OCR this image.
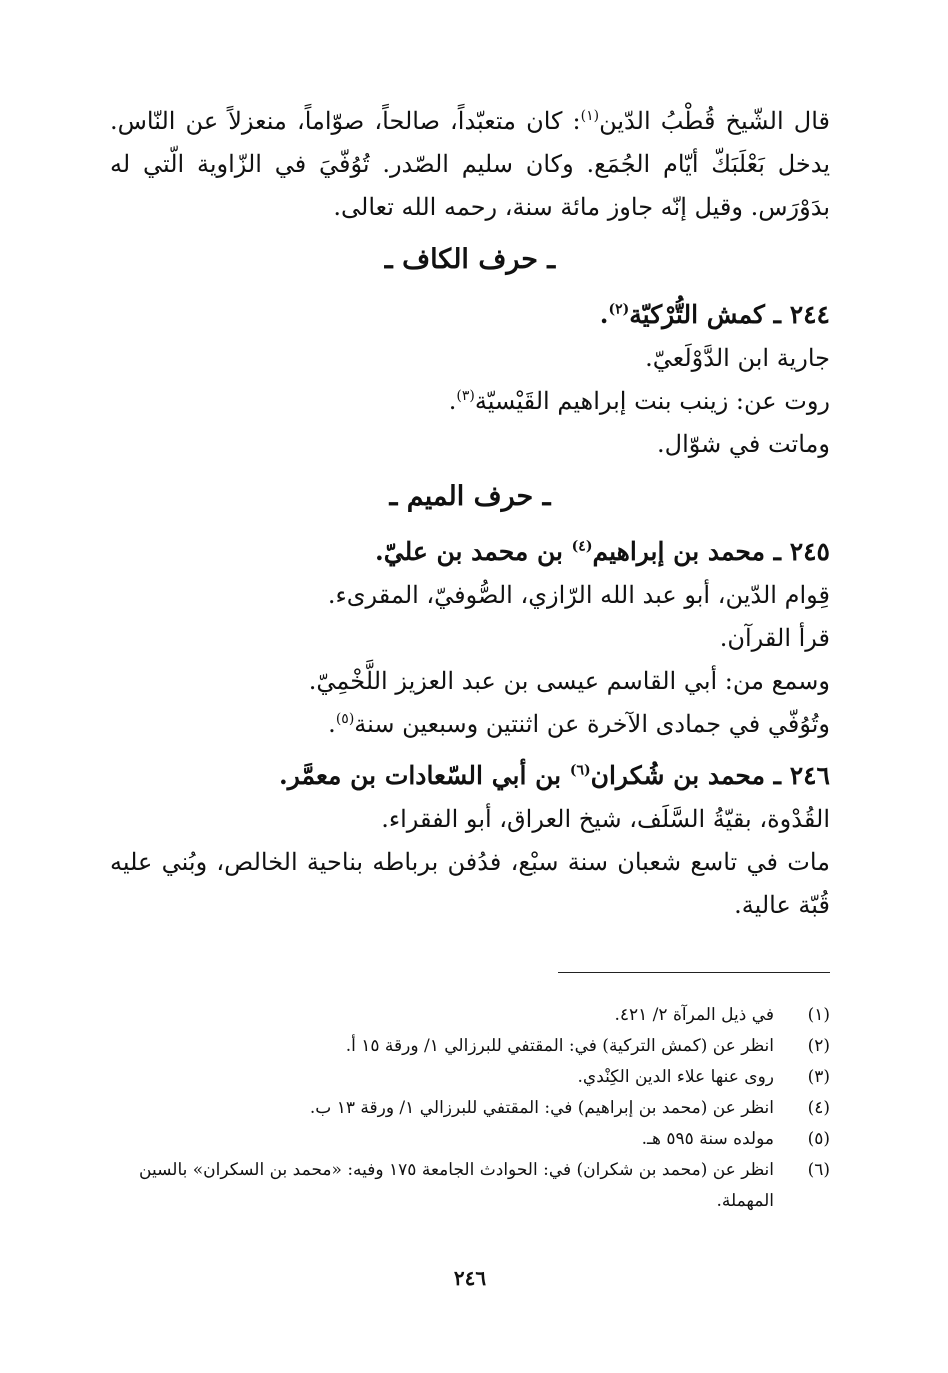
قال الشّيخ قُطْبُ الدّين$^{(١)}$: كان متعبّداً، صالحاً، صوّاماً، منعزلاً عن النّاس. يدخل بَعْلَبَكّ أيّام الجُمَع. وكان سليم الصّدر. تُوُفّيَ في الزّاوية الّتي له بدَوْرَس. وقيل إنّه جاوز مائة سنة، رحمه الله تعالى.

ـ حرف الكاف ـ
٢٤٤ ـ كمش التُّرْكيّة$^{(٢)}$.
جارية ابن الدَّوْلَعيّ.
روت عن: زينب بنت إبراهيم القَيْسيّة$^{(٣)}$.
وماتت في شوّال.
ـ حرف الميم ـ
٢٤٥ ـ محمد بن إبراهيم$^{(٤)}$ بن محمد بن عليّ.
قِوام الدّين، أبو عبد الله الرّازي، الصُّوفيّ، المقرىء.
قرأ القرآن.
وسمع من: أبي القاسم عيسى بن عبد العزيز اللَّخْمِيّ.
وتُوُفّي في جمادى الآخرة عن اثنتين وسبعين سنة$^{(٥)}$.
٢٤٦ ـ محمد بن شُكران$^{(٦)}$ بن أبي السّعادات بن معمَّر.
القُدْوة، بقيّةُ السَّلَف، شيخ العراق، أبو الفقراء.

مات في تاسع شعبان سنة سبْع، فدُفن برباطه بناحية الخالص، وبُني عليه قُبّة عالية.

(١)
في ذيل المرآة ٢/ ٤٢١.
(٢)
انظر عن (كمش التركية) في: المقتفي للبرزالي ١/ ورقة ١٥ أ.
(٣)
روى عنها علاء الدين الكِنْدي.
(٤)
انظر عن (محمد بن إبراهيم) في: المقتفي للبرزالي ١/ ورقة ١٣ ب.
(٥)
مولده سنة ٥٩٥ هـ.
(٦)
انظر عن (محمد بن شكران) في: الحوادث الجامعة ١٧٥ وفيه: «محمد بن السكران» بالسين المهملة.
٢٤٦
